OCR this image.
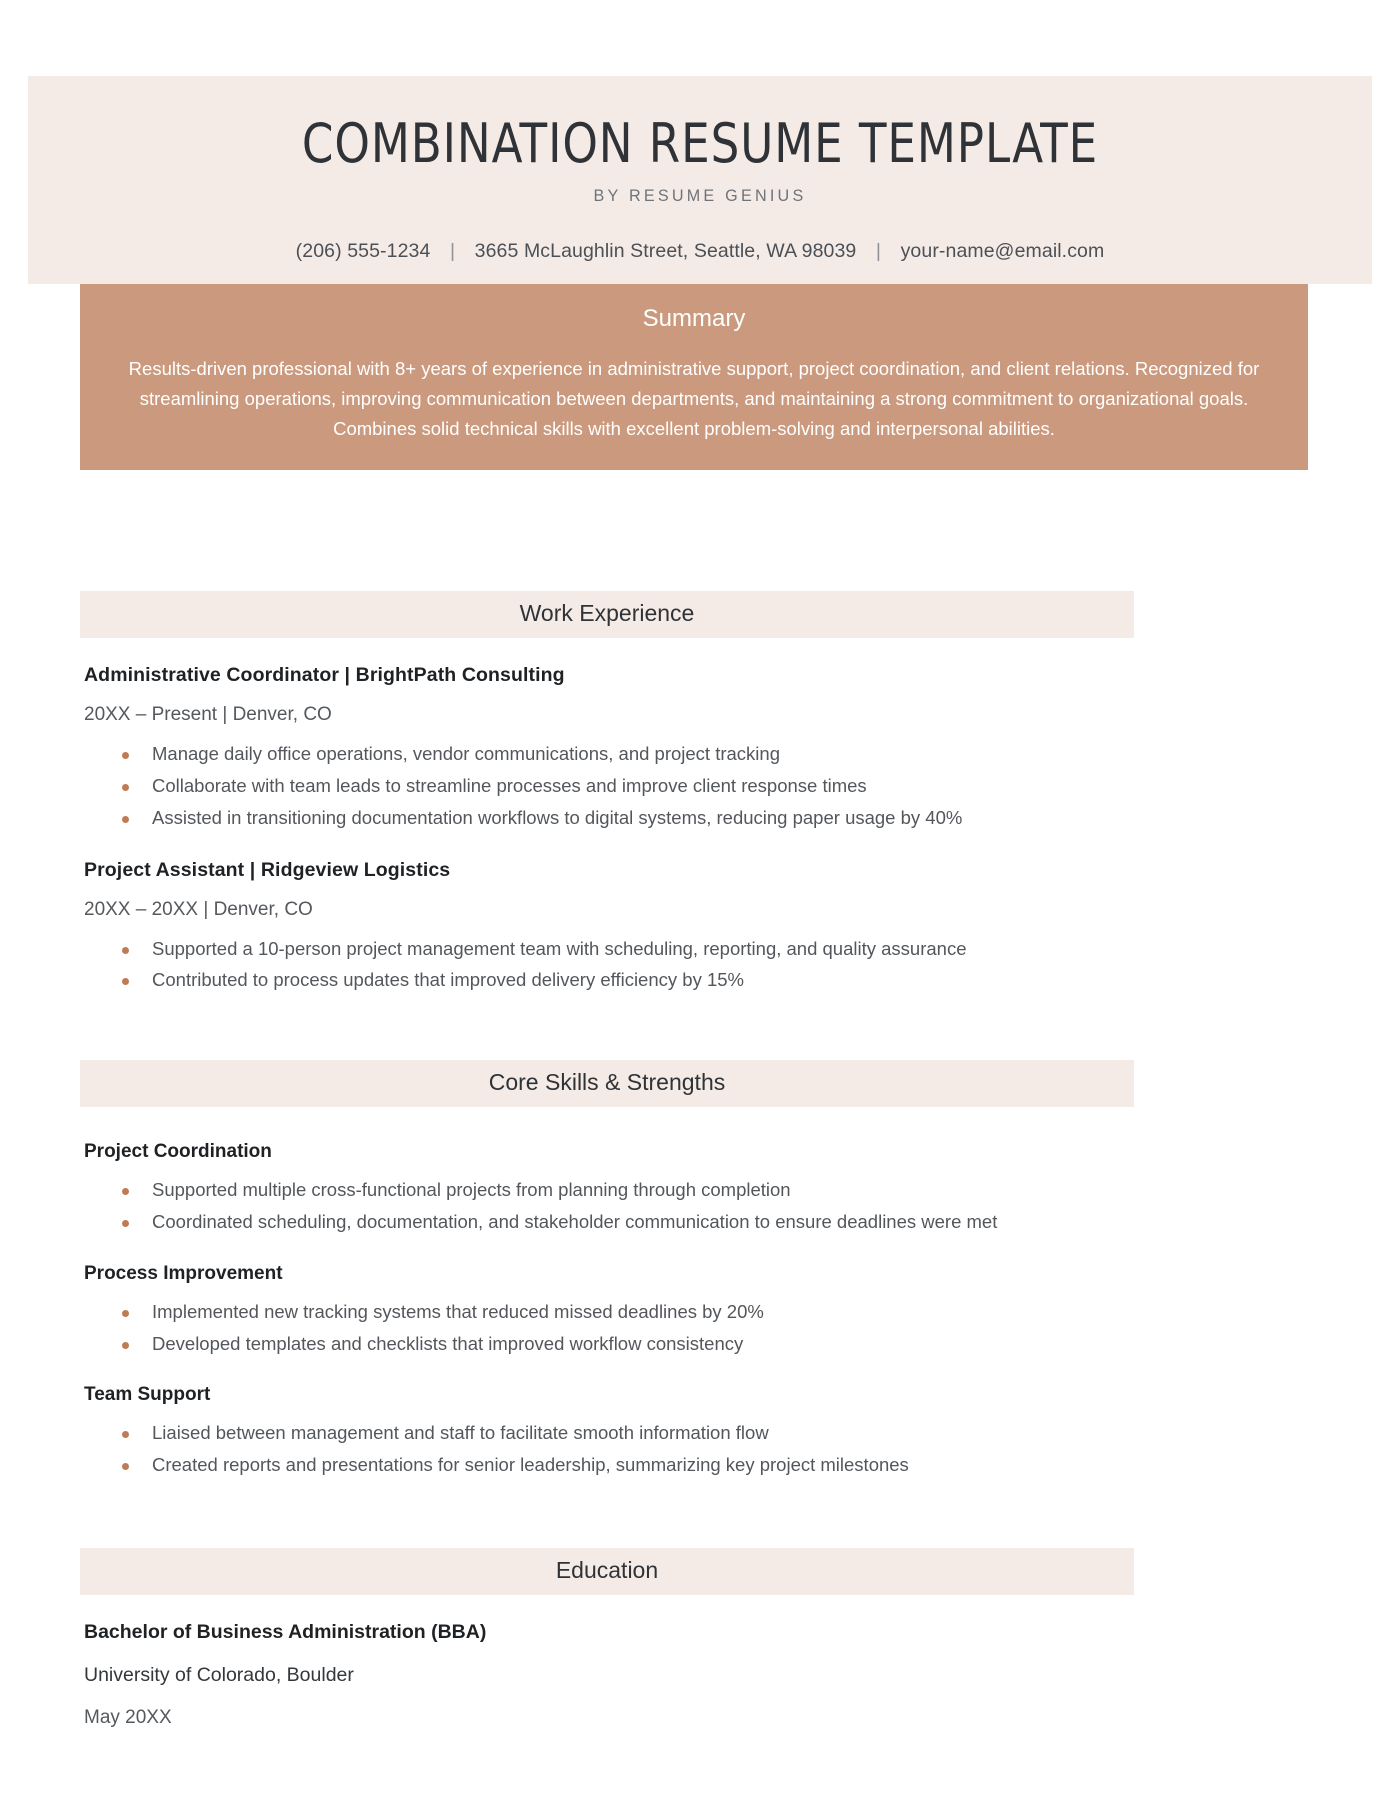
COMBINATION RESUME TEMPLATE
BY RESUME GENIUS
(206) 555-1234 | 3665 McLaughlin Street, Seattle, WA 98039 | your-name@email.com
Summary

Results-driven professional with 8+ years of experience in administrative support, project coordination, and client relations. Recognized for streamlining operations, improving communication between departments, and maintaining a strong commitment to organizational goals. Combines solid technical skills with excellent problem-solving and interpersonal abilities.

Work Experience
Administrative Coordinator | BrightPath Consulting
20XX – Present | Denver, CO
Manage daily office operations, vendor communications, and project tracking
Collaborate with team leads to streamline processes and improve client response times
Assisted in transitioning documentation workflows to digital systems, reducing paper usage by 40%
Project Assistant | Ridgeview Logistics
20XX – 20XX | Denver, CO
Supported a 10-person project management team with scheduling, reporting, and quality assurance
Contributed to process updates that improved delivery efficiency by 15%
Core Skills & Strengths
Project Coordination
Supported multiple cross-functional projects from planning through completion
Coordinated scheduling, documentation, and stakeholder communication to ensure deadlines were met
Process Improvement
Implemented new tracking systems that reduced missed deadlines by 20%
Developed templates and checklists that improved workflow consistency
Team Support
Liaised between management and staff to facilitate smooth information flow
Created reports and presentations for senior leadership, summarizing key project milestones
Education
Bachelor of Business Administration (BBA)
University of Colorado, Boulder
May 20XX
